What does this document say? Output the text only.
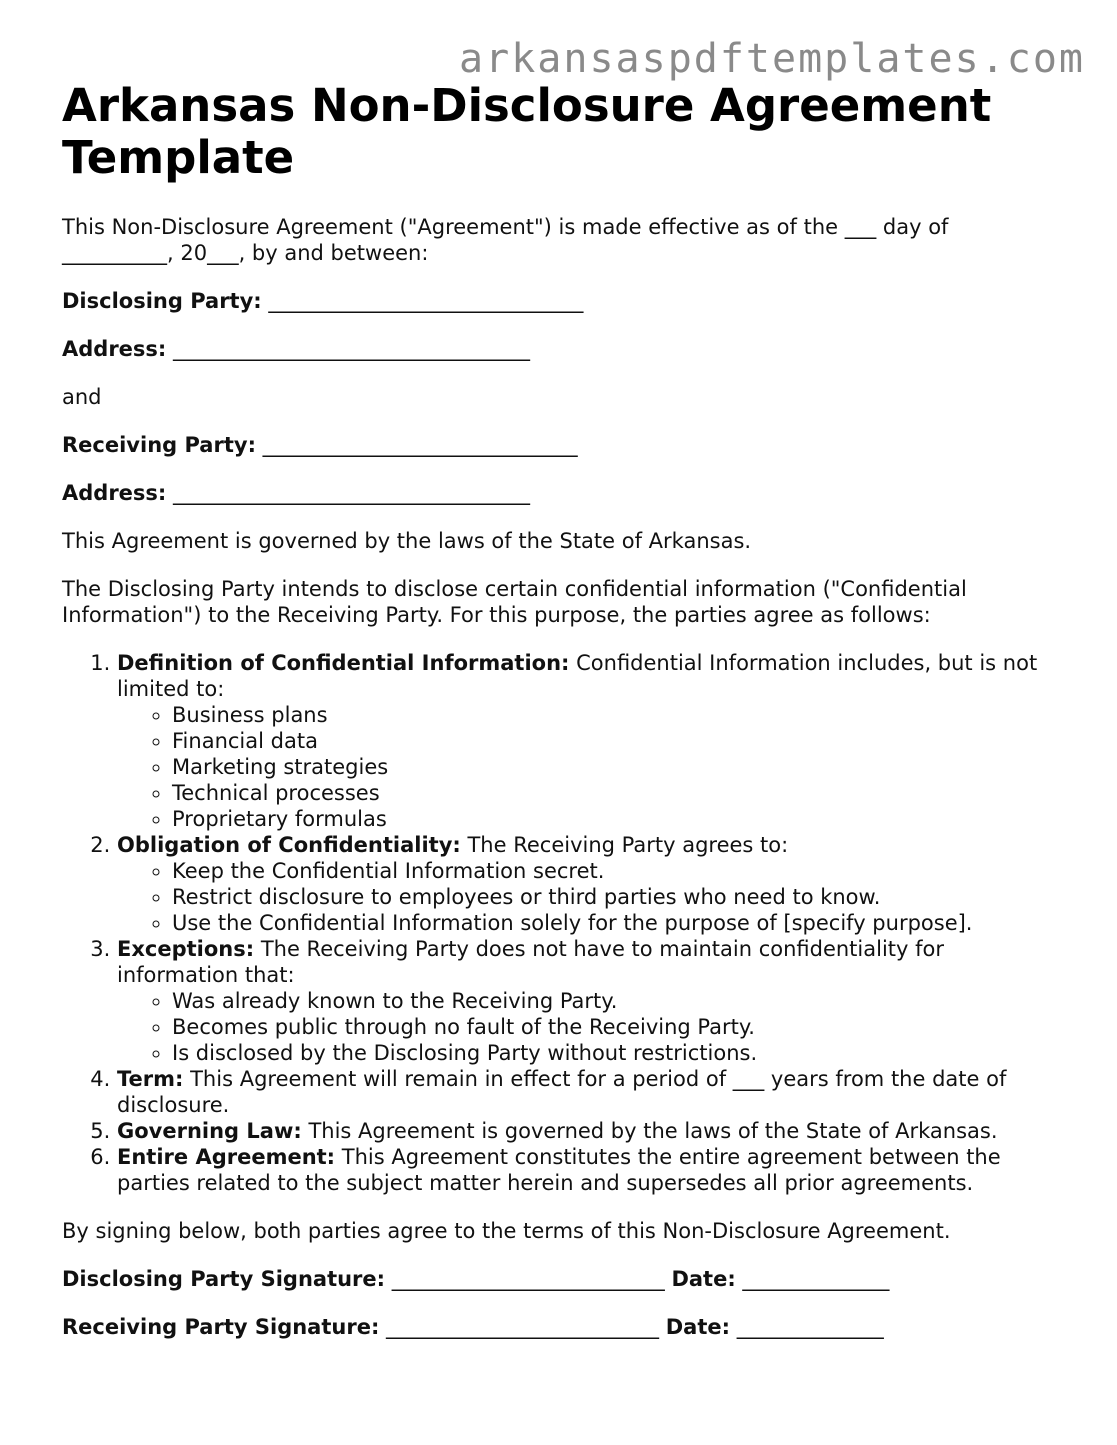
arkansaspdftemplates.com
Arkansas Non-Disclosure Agreement Template

This Non-Disclosure Agreement ("Agreement") is made effective as of the ___ day of __________, 20___, by and between:

Disclosing Party: ______________________________

Address: __________________________________

and

Receiving Party: ______________________________

Address: __________________________________

This Agreement is governed by the laws of the State of Arkansas.

The Disclosing Party intends to disclose certain confidential information ("Confidential Information") to the Receiving Party. For this purpose, the parties agree as follows:

1. Definition of Confidential Information: Confidential Information includes, but is not limited to:
◦ Business plans
◦ Financial data
◦ Marketing strategies
◦ Technical processes
◦ Proprietary formulas
2. Obligation of Confidentiality: The Receiving Party agrees to:
◦ Keep the Confidential Information secret.
◦ Restrict disclosure to employees or third parties who need to know.
◦ Use the Confidential Information solely for the purpose of [specify purpose].
3. Exceptions: The Receiving Party does not have to maintain confidentiality for information that:
◦ Was already known to the Receiving Party.
◦ Becomes public through no fault of the Receiving Party.
◦ Is disclosed by the Disclosing Party without restrictions.
4. Term: This Agreement will remain in effect for a period of ___ years from the date of disclosure.
5. Governing Law: This Agreement is governed by the laws of the State of Arkansas.
6. Entire Agreement: This Agreement constitutes the entire agreement between the parties related to the subject matter herein and supersedes all prior agreements.

By signing below, both parties agree to the terms of this Non-Disclosure Agreement.

Disclosing Party Signature: __________________________ Date: ______________

Receiving Party Signature: __________________________ Date: ______________
